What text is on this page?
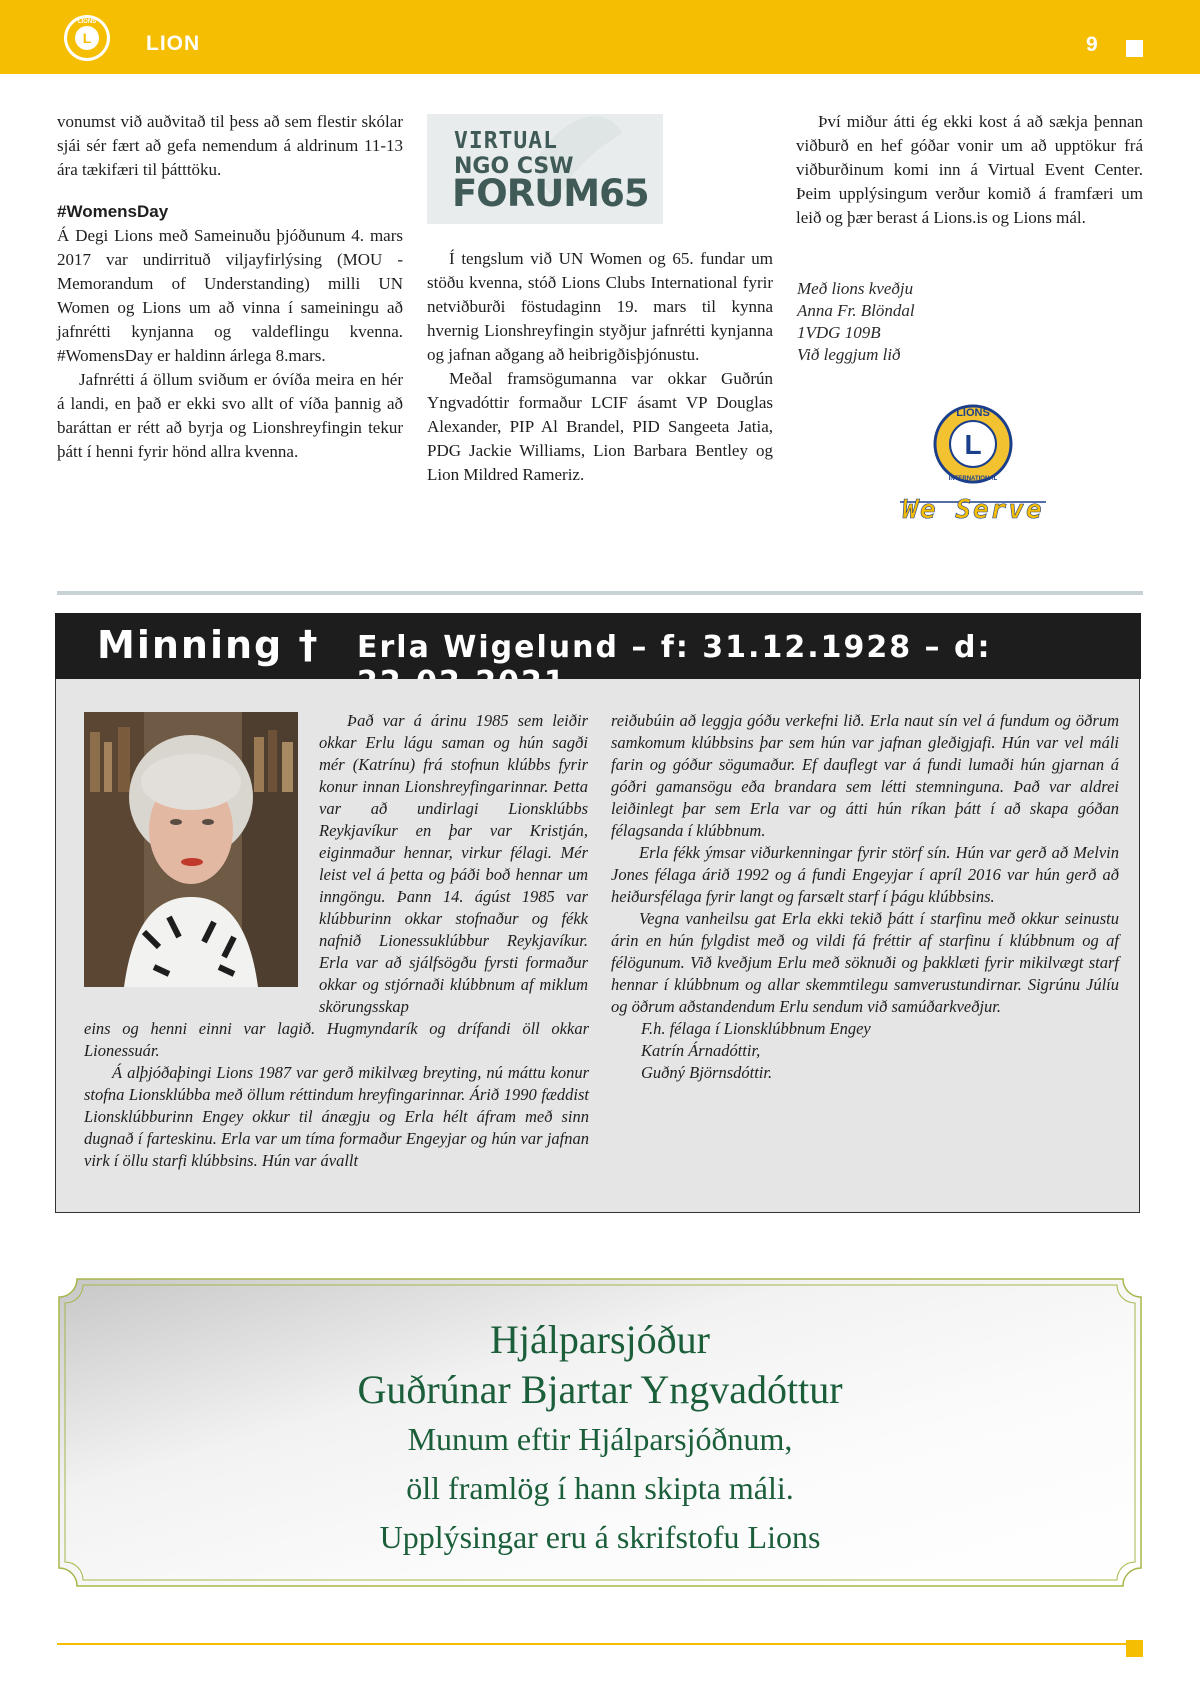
L
LIONS
LION	9

vonumst við auðvitað til þess að sem flestir skólar sjái sér fært að gefa nemendum á aldrinum 11-13 ára tækifæri til þátttöku.

#WomensDay

Á Degi Lions með Sameinuðu þjóðunum 4. mars 2017 var undirrituð viljayfirlýsing (MOU - Memorandum of Understanding) milli UN Women og Lions um að vinna í sameiningu að jafnrétti kynjanna og valdeflingu kvenna. #WomensDay er haldinn árlega 8.mars.

Jafnrétti á öllum sviðum er óvíða meira en hér á landi, en það er ekki svo allt of víða þannig að baráttan er rétt að byrja og Lionshreyfingin tekur þátt í henni fyrir hönd allra kvenna.

VIRTUAL
NGO CSW
FORUM65

Í tengslum við UN Women og 65. fundar um stöðu kvenna, stóð Lions Clubs International fyrir netviðburði föstudaginn 19. mars til kynna hvernig Lionshreyfingin styðjur jafnrétti kynjanna og jafnan aðgang að heibrigðisþjónustu.

Meðal framsögumanna var okkar Guðrún Yngvadóttir formaður LCIF ásamt VP Douglas Alexander, PIP Al Brandel, PID Sangeeta Jatia, PDG Jackie Williams, Lion Barbara Bentley og Lion Mildred Rameriz.

Því miður átti ég ekki kost á að sækja þennan viðburð en hef góðar vonir um að upptökur frá viðburðinum komi inn á Virtual Event Center. Þeim upplýsingum verður komið á framfæri um leið og þær berast á Lions.is og Lions mál.

Með lions kveðju
Anna Fr. Blöndal
1VDG 109B
Við leggjum lið
L
LIONS
INTERNATIONAL
We Serve
Minning † Erla Wigelund – f: 31.12.1928 – d:

Það var á árinu 1985 sem leiðir okkar Erlu lágu saman og hún sagði mér (Katrínu) frá stofnun klúbbs fyrir konur innan Lionshreyfingarinnar. Þetta var að undirlagi Lionsklúbbs Reykjavíkur en þar var Kristján, eiginmaður hennar, virkur félagi. Mér leist vel á þetta og þáði boð hennar um inngöngu. Þann 14. ágúst 1985 var klúbburinn okkar stofnaður og fékk nafnið Lionessuklúbbur Reykjavíkur. Erla var að sjálfsögðu fyrsti formaður okkar og stjórnaði klúbbnum af miklum skörungsskap

eins og henni einni var lagið. Hugmyndarík og drífandi öll okkar Lionessuár.

Á alþjóðaþingi Lions 1987 var gerð mikilvæg breyting, nú máttu konur stofna Lionsklúbba með öllum réttindum hreyfingarinnar. Árið 1990 fæddist Lionsklúbburinn Engey okkur til ánægju og Erla hélt áfram með sinn dugnað í farteskinu. Erla var um tíma formaður Engeyjar og hún var jafnan virk í öllu starfi klúbbsins. Hún var ávallt

reiðubúin að leggja góðu verkefni lið. Erla naut sín vel á fundum og öðrum samkomum klúbbsins þar sem hún var jafnan gleðigjafi. Hún var vel máli farin og góður sögumaður. Ef dauflegt var á fundi lumaði hún gjarnan á góðri gamansögu eða brandara sem létti stemninguna. Það var aldrei leiðinlegt þar sem Erla var og átti hún ríkan þátt í að skapa góðan félagsanda í klúbbnum.

Erla fékk ýmsar viðurkenningar fyrir störf sín. Hún var gerð að Melvin Jones félaga árið 1992 og á fundi Engeyjar í apríl 2016 var hún gerð að heiðursfélaga fyrir langt og farsælt starf í þágu klúbbsins.

Vegna vanheilsu gat Erla ekki tekið þátt í starfinu með okkur seinustu árin en hún fylgdist með og vildi fá fréttir af starfinu í klúbbnum og af félögunum. Við kveðjum Erlu með söknuði og þakklæti fyrir mikilvægt starf hennar í klúbbnum og allar skemmtilegu samverustundirnar. Sigrúnu Júlíu og öðrum aðstandendum Erlu sendum við samúðarkveðjur.

F.h. félaga í Lionsklúbbnum Engey

Katrín Árnadóttir,

Guðný Björnsdóttir.

Hjálparsjóður
Guðrúnar Bjartar Yngvadóttur
Munum eftir Hjálparsjóðnum,
öll framlög í hann skipta máli.
Upplýsingar eru á skrifstofu Lions
